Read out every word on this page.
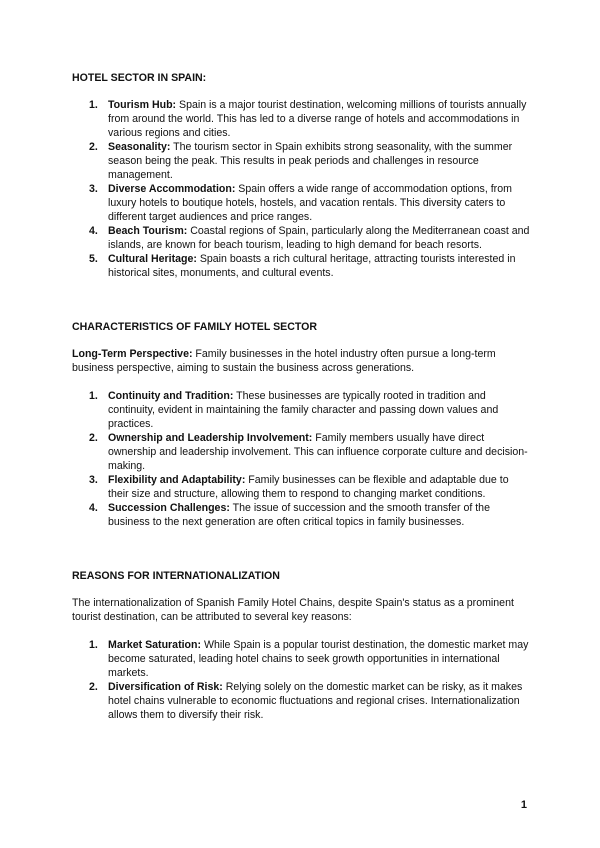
HOTEL SECTOR IN SPAIN:

1. Tourism Hub: Spain is a major tourist destination, welcoming millions of tourists annually from around the world. This has led to a diverse range of hotels and accommodations in various regions and cities.
2. Seasonality: The tourism sector in Spain exhibits strong seasonality, with the summer season being the peak. This results in peak periods and challenges in resource management.
3. Diverse Accommodation: Spain offers a wide range of accommodation options, from luxury hotels to boutique hotels, hostels, and vacation rentals. This diversity caters to different target audiences and price ranges.
4. Beach Tourism: Coastal regions of Spain, particularly along the Mediterranean coast and islands, are known for beach tourism, leading to high demand for beach resorts.
5. Cultural Heritage: Spain boasts a rich cultural heritage, attracting tourists interested in historical sites, monuments, and cultural events.

CHARACTERISTICS OF FAMILY HOTEL SECTOR

Long-Term Perspective: Family businesses in the hotel industry often pursue a long-term business perspective, aiming to sustain the business across generations.

1. Continuity and Tradition: These businesses are typically rooted in tradition and continuity, evident in maintaining the family character and passing down values and practices.
2. Ownership and Leadership Involvement: Family members usually have direct ownership and leadership involvement. This can influence corporate culture and decision-making.
3. Flexibility and Adaptability: Family businesses can be flexible and adaptable due to their size and structure, allowing them to respond to changing market conditions.
4. Succession Challenges: The issue of succession and the smooth transfer of the business to the next generation are often critical topics in family businesses.

REASONS FOR INTERNATIONALIZATION

The internationalization of Spanish Family Hotel Chains, despite Spain's status as a prominent tourist destination, can be attributed to several key reasons:

1. Market Saturation: While Spain is a popular tourist destination, the domestic market may become saturated, leading hotel chains to seek growth opportunities in international markets.
2. Diversification of Risk: Relying solely on the domestic market can be risky, as it makes hotel chains vulnerable to economic fluctuations and regional crises. Internationalization allows them to diversify their risk.
1
